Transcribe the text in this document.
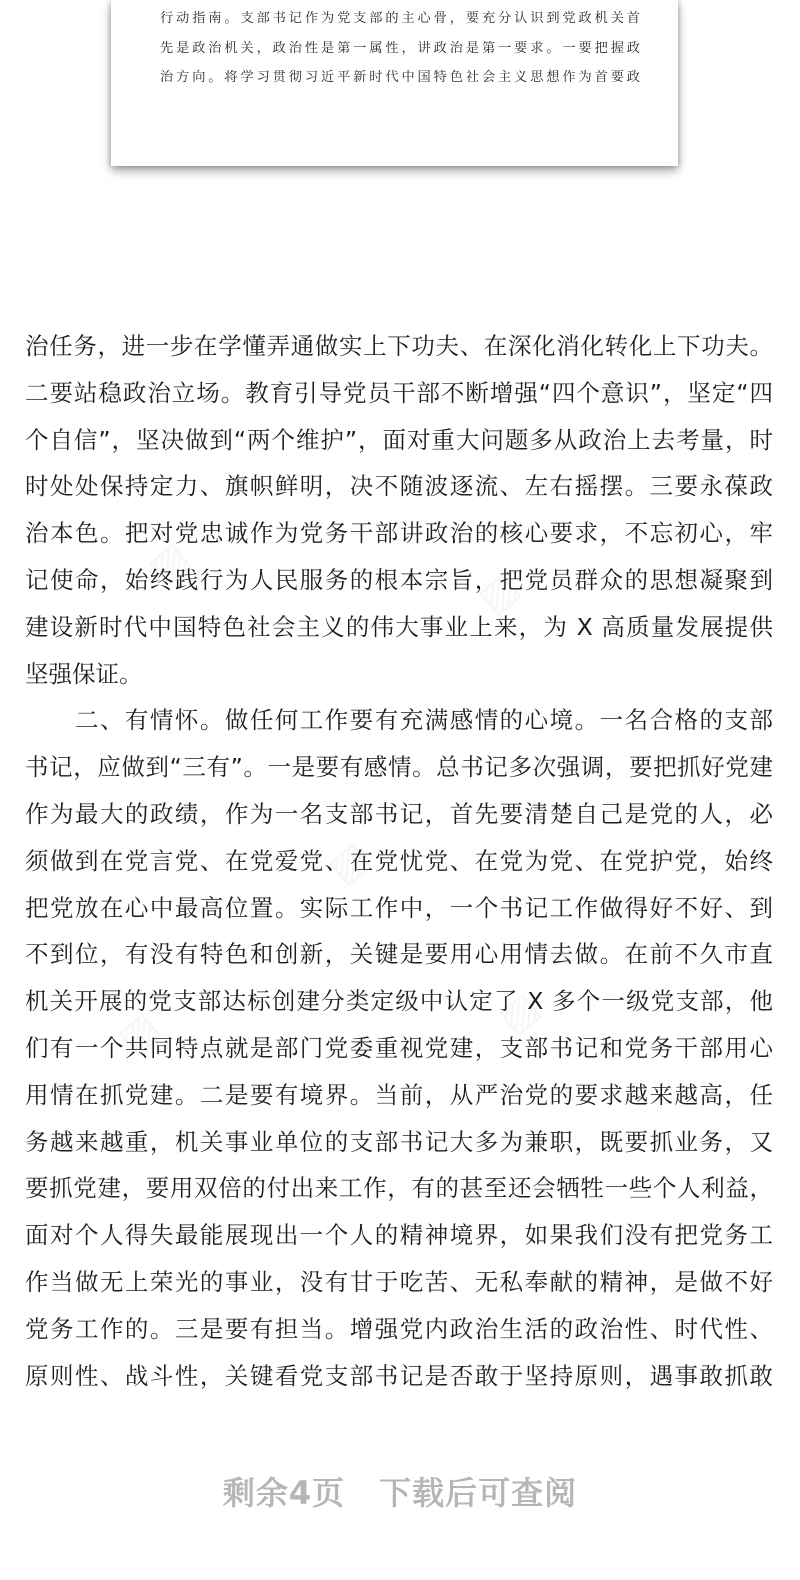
行动指南。支部书记作为党支部的主心骨，要充分认识到党政机关首
先是政治机关，政治性是第一属性，讲政治是第一要求。一要把握政
治方向。将学习贯彻习近平新时代中国特色社会主义思想作为首要政
治任务，进一步在学懂弄通做实上下功夫、在深化消化转化上下功夫。
二要站稳政治立场。教育引导党员干部不断增强“四个意识”，坚定“四
个自信”，坚决做到“两个维护”，面对重大问题多从政治上去考量，时
时处处保持定力、旗帜鲜明，决不随波逐流、左右摇摆。三要永葆政
治本色。把对党忠诚作为党务干部讲政治的核心要求，不忘初心，牢
记使命，始终践行为人民服务的根本宗旨，把党员群众的思想凝聚到
建设新时代中国特色社会主义的伟大事业上来，为 X 高质量发展提供
坚强保证。
　　二、有情怀。做任何工作要有充满感情的心境。一名合格的支部
书记，应做到“三有”。一是要有感情。总书记多次强调，要把抓好党建
作为最大的政绩，作为一名支部书记，首先要清楚自己是党的人，必
须做到在党言党、在党爱党、在党忧党、在党为党、在党护党，始终
把党放在心中最高位置。实际工作中，一个书记工作做得好不好、到
不到位，有没有特色和创新，关键是要用心用情去做。在前不久市直
机关开展的党支部达标创建分类定级中认定了 X 多个一级党支部，他
们有一个共同特点就是部门党委重视党建，支部书记和党务干部用心
用情在抓党建。二是要有境界。当前，从严治党的要求越来越高，任
务越来越重，机关事业单位的支部书记大多为兼职，既要抓业务，又
要抓党建，要用双倍的付出来工作，有的甚至还会牺牲一些个人利益，
面对个人得失最能展现出一个人的精神境界，如果我们没有把党务工
作当做无上荣光的事业，没有甘于吃苦、无私奉献的精神，是做不好
党务工作的。三是要有担当。增强党内政治生活的政治性、时代性、
原则性、战斗性，关键看党支部书记是否敢于坚持原则，遇事敢抓敢
剩余4页 下载后可查阅
